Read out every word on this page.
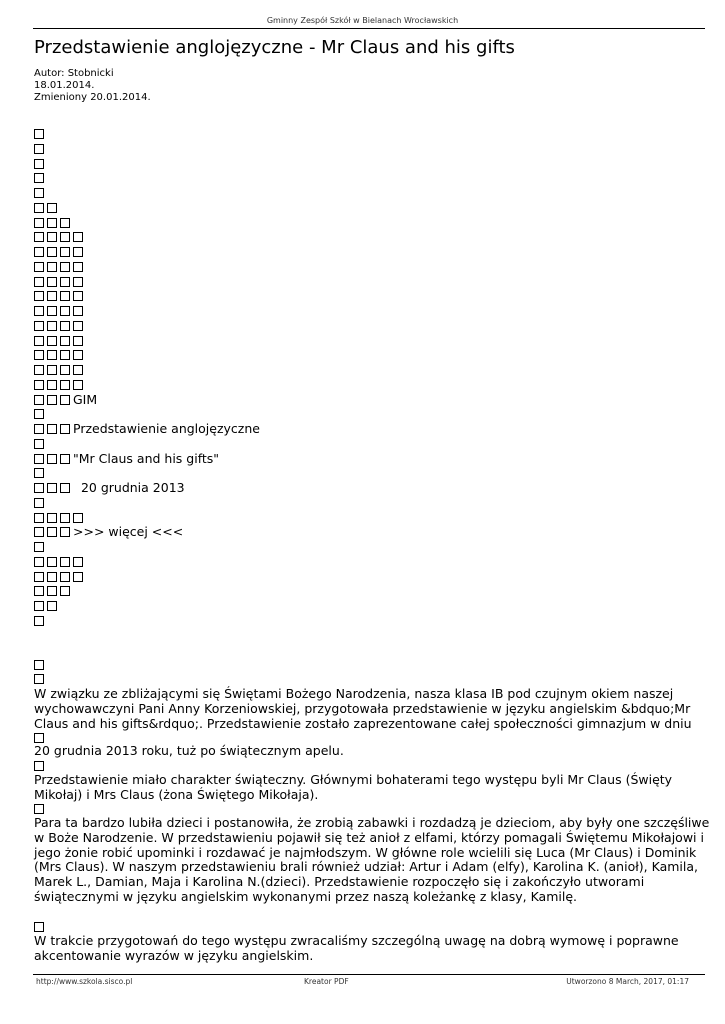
Gminny Zespół Szkół w Bielanach Wrocławskich
Przedstawienie anglojęzyczne - Mr Claus and his gifts
Autor: Stobnicki
18.01.2014.
Zmieniony 20.01.2014.
GIM
Przedstawienie anglojęzyczne
"Mr Claus and his gifts"
20 grudnia 2013
>>> więcej <<<
W związku ze zbliżającymi się Świętami Bożego Narodzenia, nasza klasa IB pod czujnym okiem naszej wychowawczyni Pani Anny Korzeniowskiej, przygotowała przedstawienie w języku angielskim &bdquo;Mr Claus and his gifts&rdquo;. Przedstawienie zostało zaprezentowane całej społeczności gimnazjum w dniu
20 grudnia 2013 roku, tuż po świątecznym apelu.
Przedstawienie miało charakter świąteczny. Głównymi bohaterami tego występu byli Mr Claus (Święty Mikołaj) i Mrs Claus (żona Świętego Mikołaja).
Para ta bardzo lubiła dzieci i postanowiła, że zrobią zabawki i rozdadzą je dzieciom, aby były one szczęśliwe w Boże Narodzenie. W przedstawieniu pojawił się też anioł z elfami, którzy pomagali Świętemu Mikołajowi i jego żonie robić upominki i rozdawać je najmłodszym. W główne role wcielili się Luca (Mr Claus) i Dominik (Mrs Claus). W naszym przedstawieniu brali również udział: Artur i Adam (elfy), Karolina K. (anioł), Kamila, Marek L., Damian, Maja i Karolina N.(dzieci). Przedstawienie rozpoczęło się i zakończyło utworami świątecznymi w języku angielskim wykonanymi przez naszą koleżankę z klasy, Kamilę.
W trakcie przygotowań do tego występu zwracaliśmy szczególną uwagę na dobrą wymowę i poprawne akcentowanie wyrazów w języku angielskim.
http://www.szkola.sisco.pl	Kreator PDF	Utworzono 8 March, 2017, 01:17
